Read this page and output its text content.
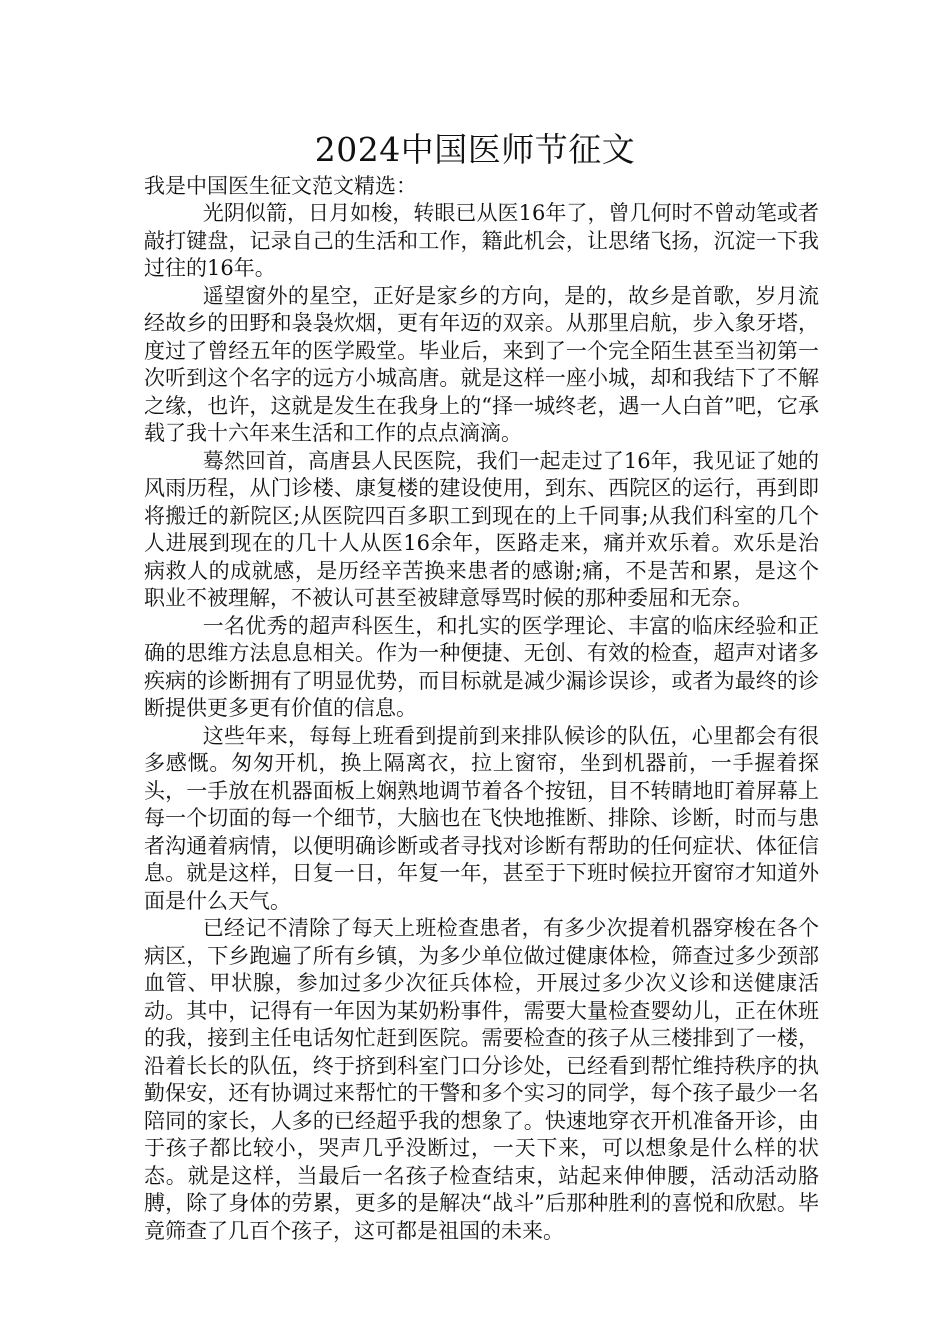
2024中国医师节征文

我是中国医生征文范文精选：

光阴似箭，日月如梭，转眼已从医16年了，曾几何时不曾动笔或者敲打键盘，记录自己的生活和工作，籍此机会，让思绪飞扬，沉淀一下我过往的16年。

遥望窗外的星空，正好是家乡的方向，是的，故乡是首歌，岁月流经故乡的田野和袅袅炊烟，更有年迈的双亲。从那里启航，步入象牙塔，度过了曾经五年的医学殿堂。毕业后，来到了一个完全陌生甚至当初第一次听到这个名字的远方小城高唐。就是这样一座小城，却和我结下了不解之缘，也许，这就是发生在我身上的“择一城终老，遇一人白首”吧，它承载了我十六年来生活和工作的点点滴滴。

蓦然回首，高唐县人民医院，我们一起走过了16年，我见证了她的风雨历程，从门诊楼、康复楼的建设使用，到东、西院区的运行，再到即将搬迁的新院区;从医院四百多职工到现在的上千同事;从我们科室的几个人进展到现在的几十人从医16余年，医路走来，痛并欢乐着。欢乐是治病救人的成就感，是历经辛苦换来患者的感谢;痛，不是苦和累，是这个职业不被理解，不被认可甚至被肆意辱骂时候的那种委屈和无奈。

一名优秀的超声科医生，和扎实的医学理论、丰富的临床经验和正确的思维方法息息相关。作为一种便捷、无创、有效的检查，超声对诸多疾病的诊断拥有了明显优势，而目标就是减少漏诊误诊，或者为最终的诊断提供更多更有价值的信息。

这些年来，每每上班看到提前到来排队候诊的队伍，心里都会有很多感慨。匆匆开机，换上隔离衣，拉上窗帘，坐到机器前，一手握着探头，一手放在机器面板上娴熟地调节着各个按钮，目不转睛地盯着屏幕上每一个切面的每一个细节，大脑也在飞快地推断、排除、诊断，时而与患者沟通着病情，以便明确诊断或者寻找对诊断有帮助的任何症状、体征信息。就是这样，日复一日，年复一年，甚至于下班时候拉开窗帘才知道外面是什么天气。

已经记不清除了每天上班检查患者，有多少次提着机器穿梭在各个病区，下乡跑遍了所有乡镇，为多少单位做过健康体检，筛查过多少颈部血管、甲状腺，参加过多少次征兵体检，开展过多少次义诊和送健康活动。其中，记得有一年因为某奶粉事件，需要大量检查婴幼儿，正在休班的我，接到主任电话匆忙赶到医院。需要检查的孩子从三楼排到了一楼，沿着长长的队伍，终于挤到科室门口分诊处，已经看到帮忙维持秩序的执勤保安，还有协调过来帮忙的干警和多个实习的同学，每个孩子最少一名陪同的家长，人多的已经超乎我的想象了。快速地穿衣开机准备开诊，由于孩子都比较小，哭声几乎没断过，一天下来，可以想象是什么样的状态。就是这样，当最后一名孩子检查结束，站起来伸伸腰，活动活动胳膊，除了身体的劳累，更多的是解决“战斗”后那种胜利的喜悦和欣慰。毕竟筛查了几百个孩子，这可都是祖国的未来。
